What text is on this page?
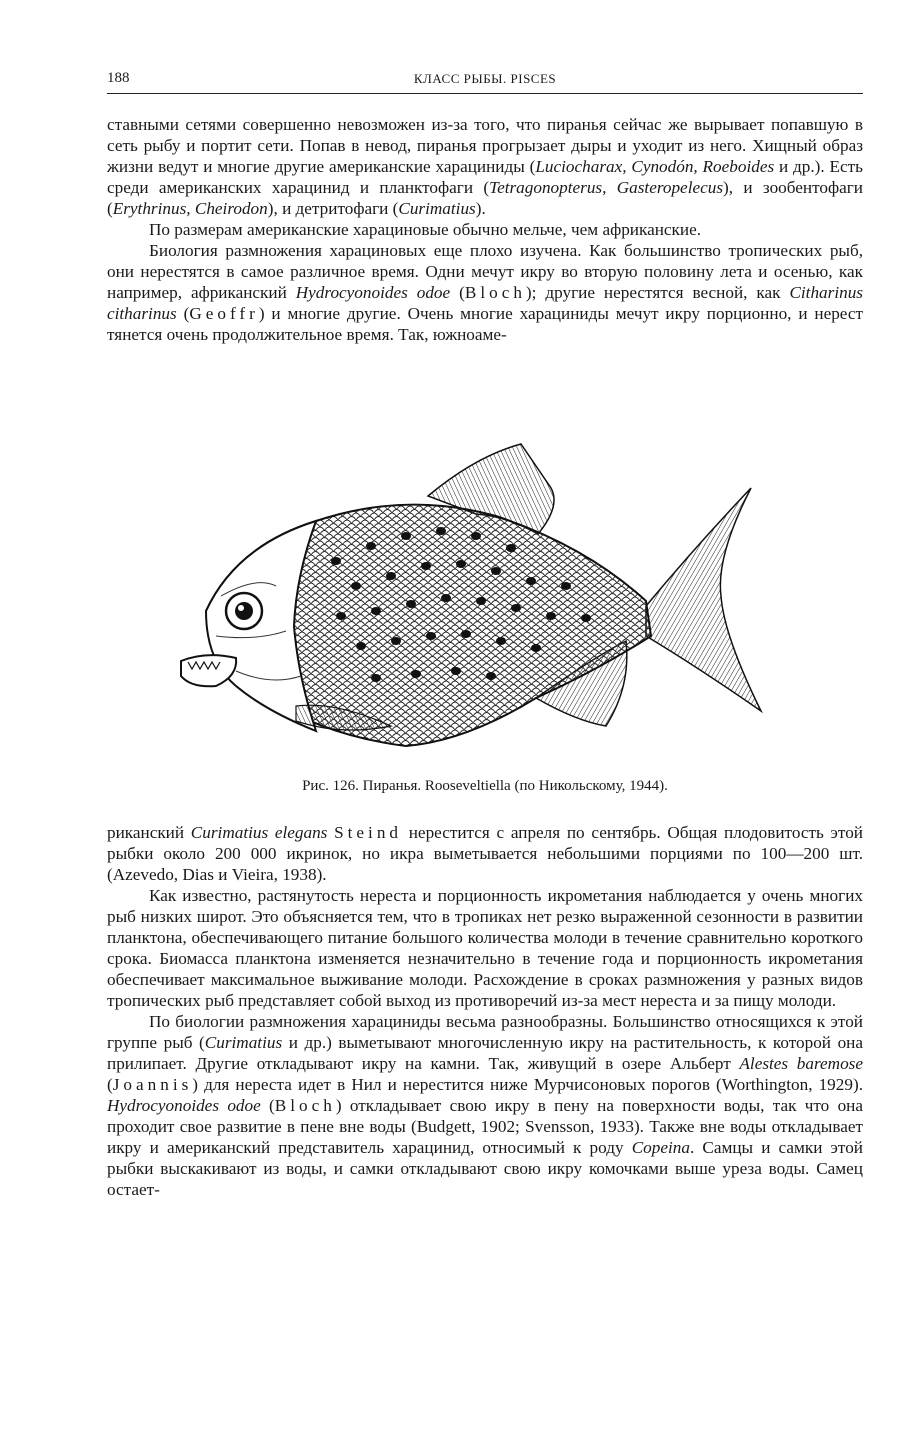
188	КЛАСС РЫБЫ. PISCES

ставными сетями совершенно невозможен из-за того, что пиранья сейчас же вырывает попавшую в сеть рыбу и портит сети. Попав в невод, пиранья прогрызает дыры и уходит из него. Хищный образ жизни ведут и многие другие американские харациниды (Luciocharax, Cynodón, Roeboides и др.). Есть среди американских харацинид и планктофаги (Tetragonopterus, Gasteropelecus), и зообентофаги (Erythrinus, Cheirodon), и детритофаги (Curimatius).

По размерам американские харациновые обычно мельче, чем африканские.

Биология размножения харациновых еще плохо изучена. Как большинство тропических рыб, они нерестятся в самое различное время. Одни мечут икру во вторую половину лета и осенью, как например, африканский Hydrocyonoides odoe (Bloch); другие нерестятся весной, как Citharinus citharinus (Geoffr) и многие другие. Очень многие харациниды мечут икру порционно, и нерест тянется очень продолжительное время. Так, южноаме-

Рис. 126. Пиранья. Rooseveltiella (по Никольскому, 1944).

риканский Curimatius elegans Steind нерестится с апреля по сентябрь. Общая плодовитость этой рыбки около 200 000 икринок, но икра выметывается небольшими порциями по 100—200 шт. (Azevedo, Dias и Vieira, 1938).

Как известно, растянутость нереста и порционность икрометания наблюдается у очень многих рыб низких широт. Это объясняется тем, что в тропиках нет резко выраженной сезонности в развитии планктона, обеспечивающего питание большого количества молоди в течение сравнительно короткого срока. Биомасса планктона изменяется незначительно в течение года и порционность икрометания обеспечивает максимальное выживание молоди. Расхождение в сроках размножения у разных видов тропических рыб представляет собой выход из противоречий из-за мест нереста и за пищу молоди.

По биологии размножения харациниды весьма разнообразны. Большинство относящихся к этой группе рыб (Curimatius и др.) выметывают многочисленную икру на растительность, к которой она прилипает. Другие откладывают икру на камни. Так, живущий в озере Альберт Alestes baremose (Joannis) для нереста идет в Нил и нерестится ниже Мурчисоновых порогов (Worthington, 1929). Hydrocyonoides odoe (Bloch) откладывает свою икру в пену на поверхности воды, так что она проходит свое развитие в пене вне воды (Budgett, 1902; Svensson, 1933). Также вне воды откладывает икру и американский представитель харацинид, относимый к роду Copeina. Самцы и самки этой рыбки выскакивают из воды, и самки откладывают свою икру комочками выше уреза воды. Самец остает-
